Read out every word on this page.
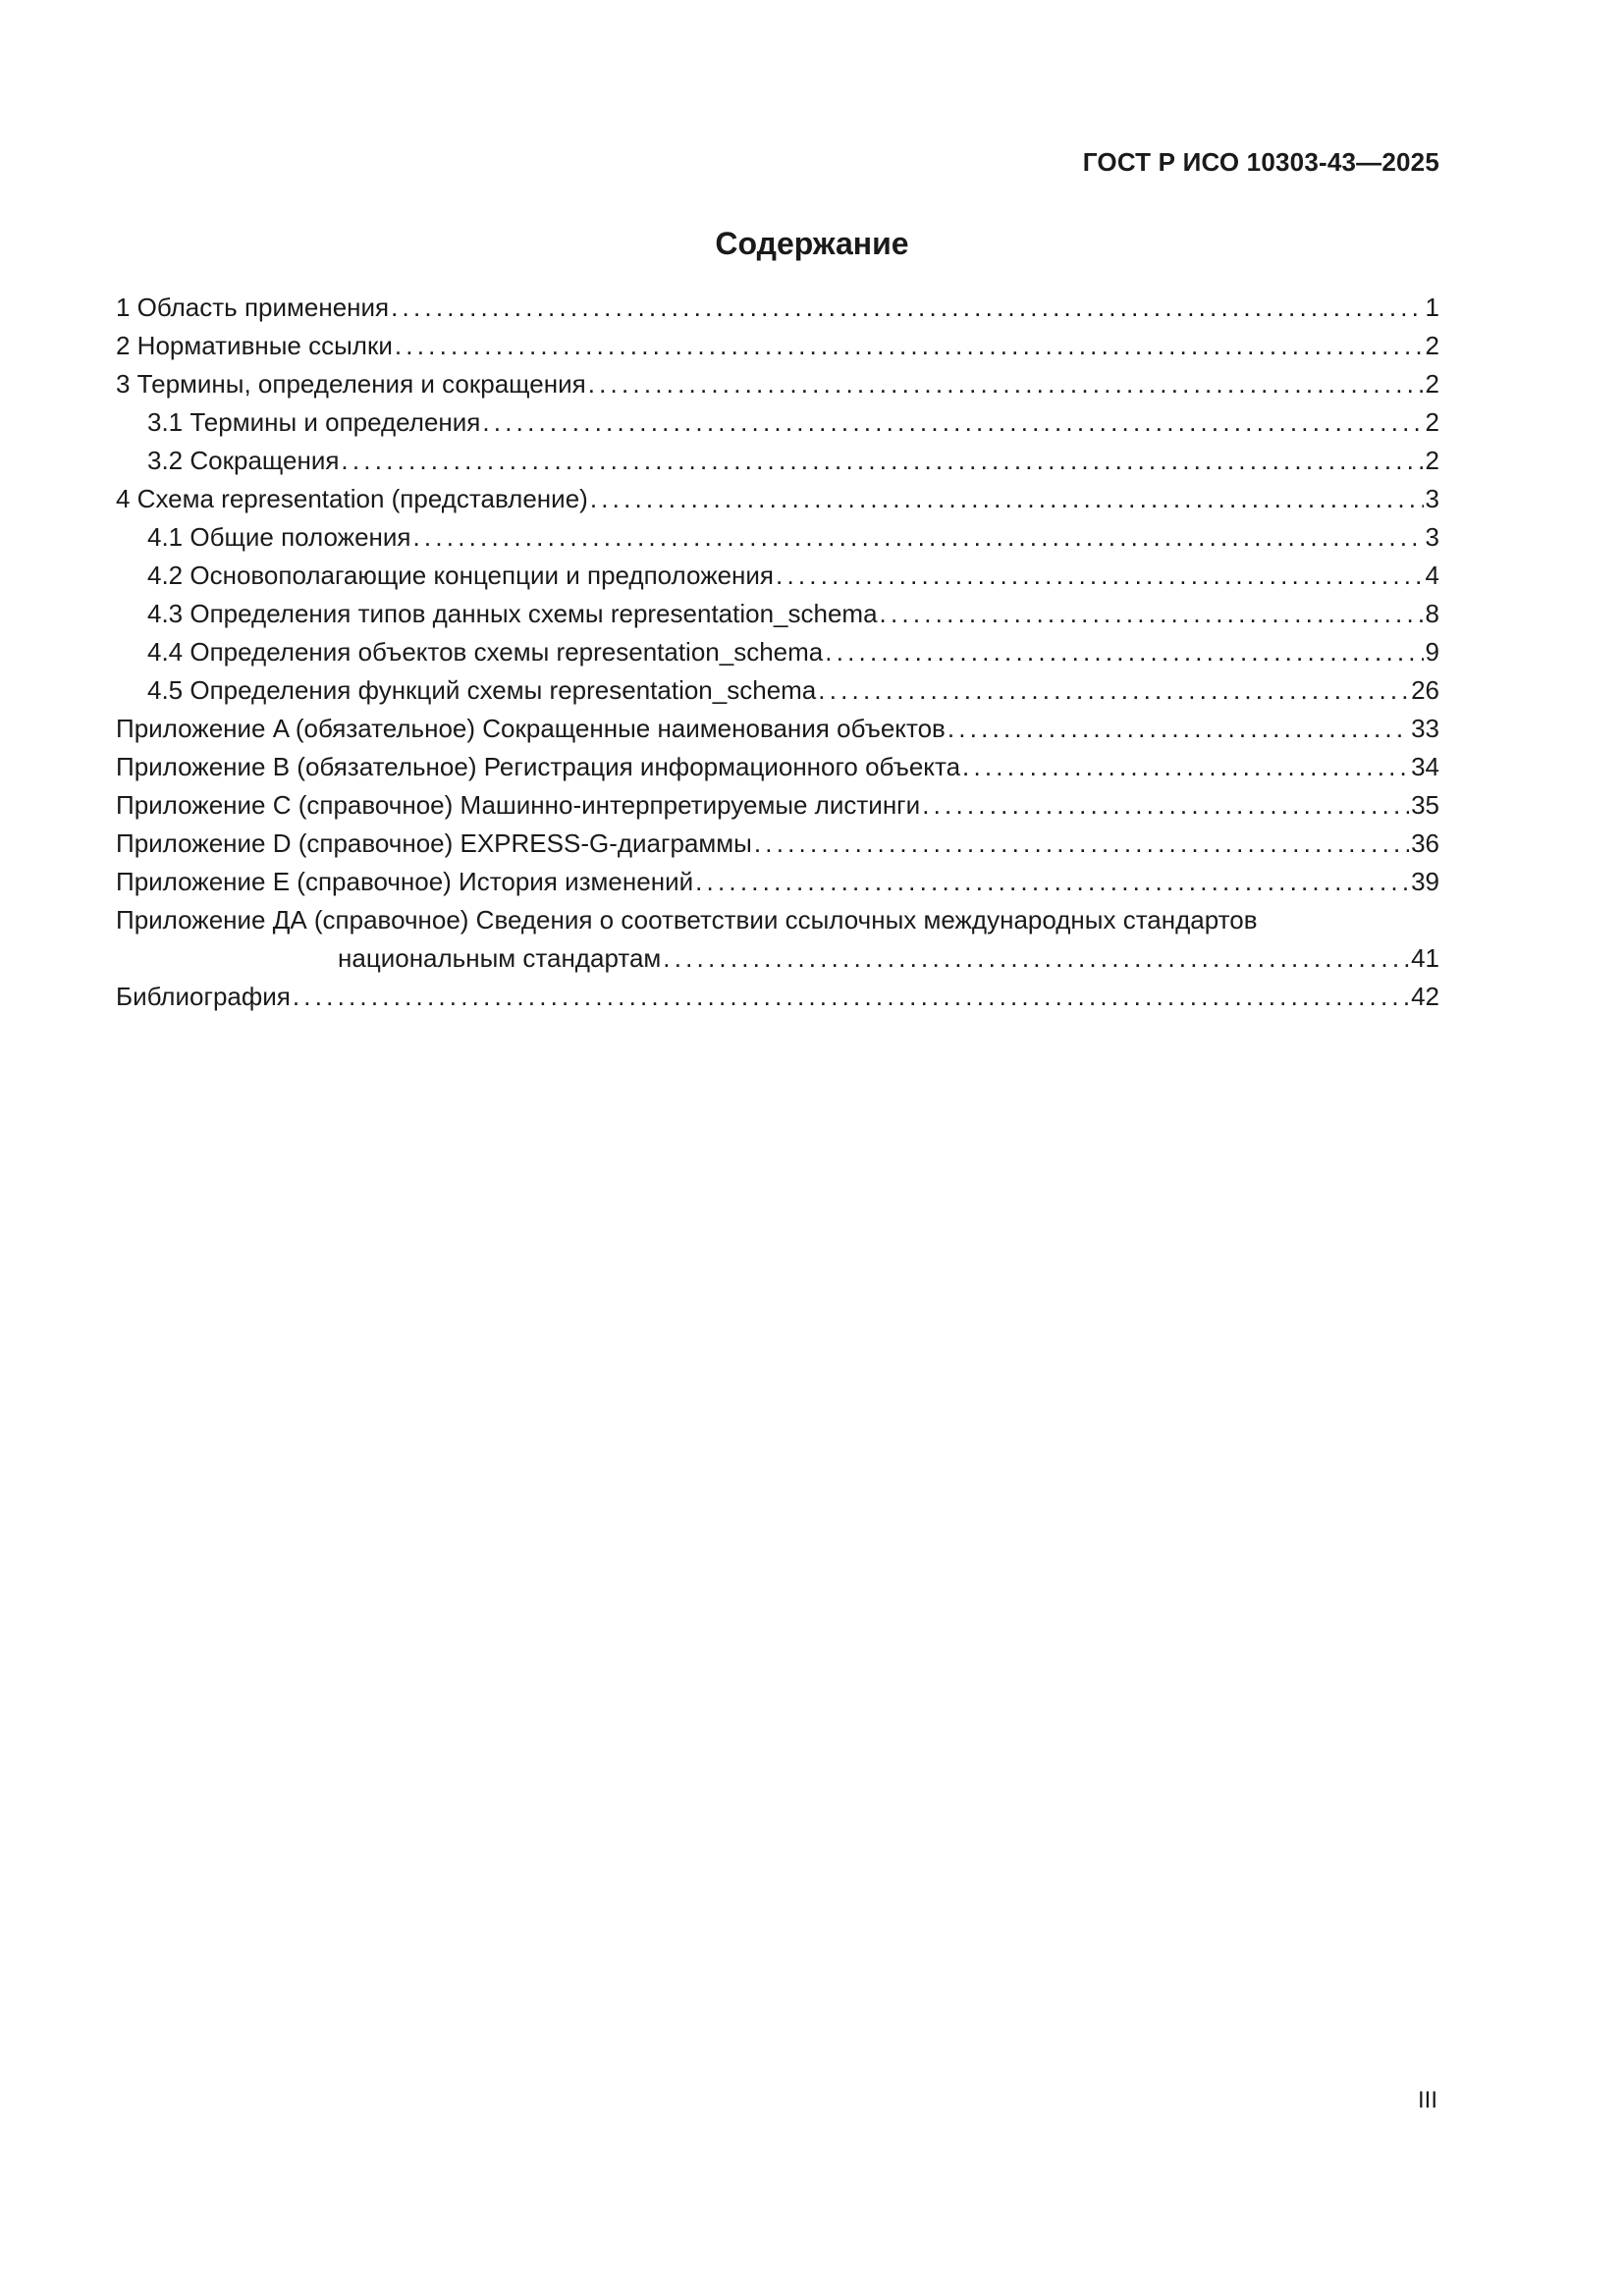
ГОСТ Р ИСО 10303-43—2025
Содержание
1 Область применения .....	1
2 Нормативные ссылки .....	2
3 Термины, определения и сокращения .....	2
3.1 Термины и определения .....	2
3.2 Сокращения .....	2
4 Схема representation (представление) .....	3
4.1 Общие положения .....	3
4.2 Основополагающие концепции и предположения .....	4
4.3 Определения типов данных схемы representation_schema .....	8
4.4 Определения объектов схемы representation_schema .....	9
4.5 Определения функций схемы representation_schema .....	26
Приложение A (обязательное) Сокращенные наименования объектов .....	33
Приложение B (обязательное) Регистрация информационного объекта .....	34
Приложение C (справочное) Машинно-интерпретируемые листинги .....	35
Приложение D (справочное) EXPRESS-G-диаграммы .....	36
Приложение E (справочное) История изменений .....	39
Приложение ДА (справочное) Сведения о соответствии ссылочных международных стандартов
национальным стандартам .....	41
Библиография .....	42
III
